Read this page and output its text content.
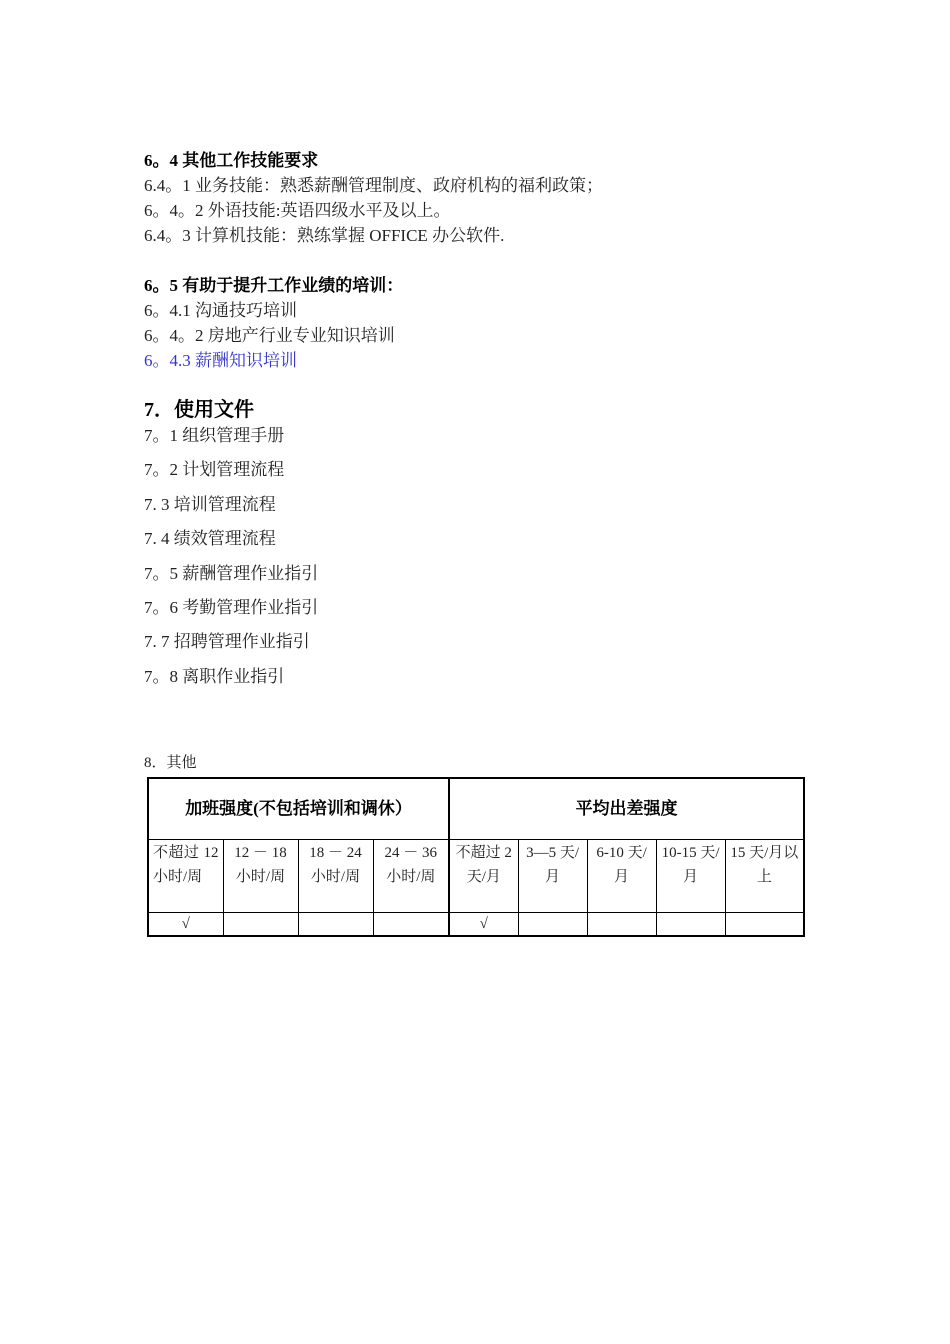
6。4 其他工作技能要求
6.4。1 业务技能：熟悉薪酬管理制度、政府机构的福利政策；
6。4。2 外语技能:英语四级水平及以上。
6.4。3 计算机技能：熟练掌握 OFFICE 办公软件.
6。5 有助于提升工作业绩的培训：
6。4.1 沟通技巧培训
6。4。2 房地产行业专业知识培训
6。4.3 薪酬知识培训
7．使用文件
7。1 组织管理手册
7。2 计划管理流程
7. 3 培训管理流程
7. 4 绩效管理流程
7。5 薪酬管理作业指引
7。6 考勤管理作业指引
7. 7 招聘管理作业指引
7。8 离职作业指引
8．其他
加班强度(不包括培训和调休）				平均出差强度				
不超过 12 小时/周	12 － 18 小时/周	18 － 24 小时/周	24 － 36 小时/周	不超过 2 天/月	3—5 天/月	6-10 天/月	10-15 天/月	15 天/月以上
√				√				
